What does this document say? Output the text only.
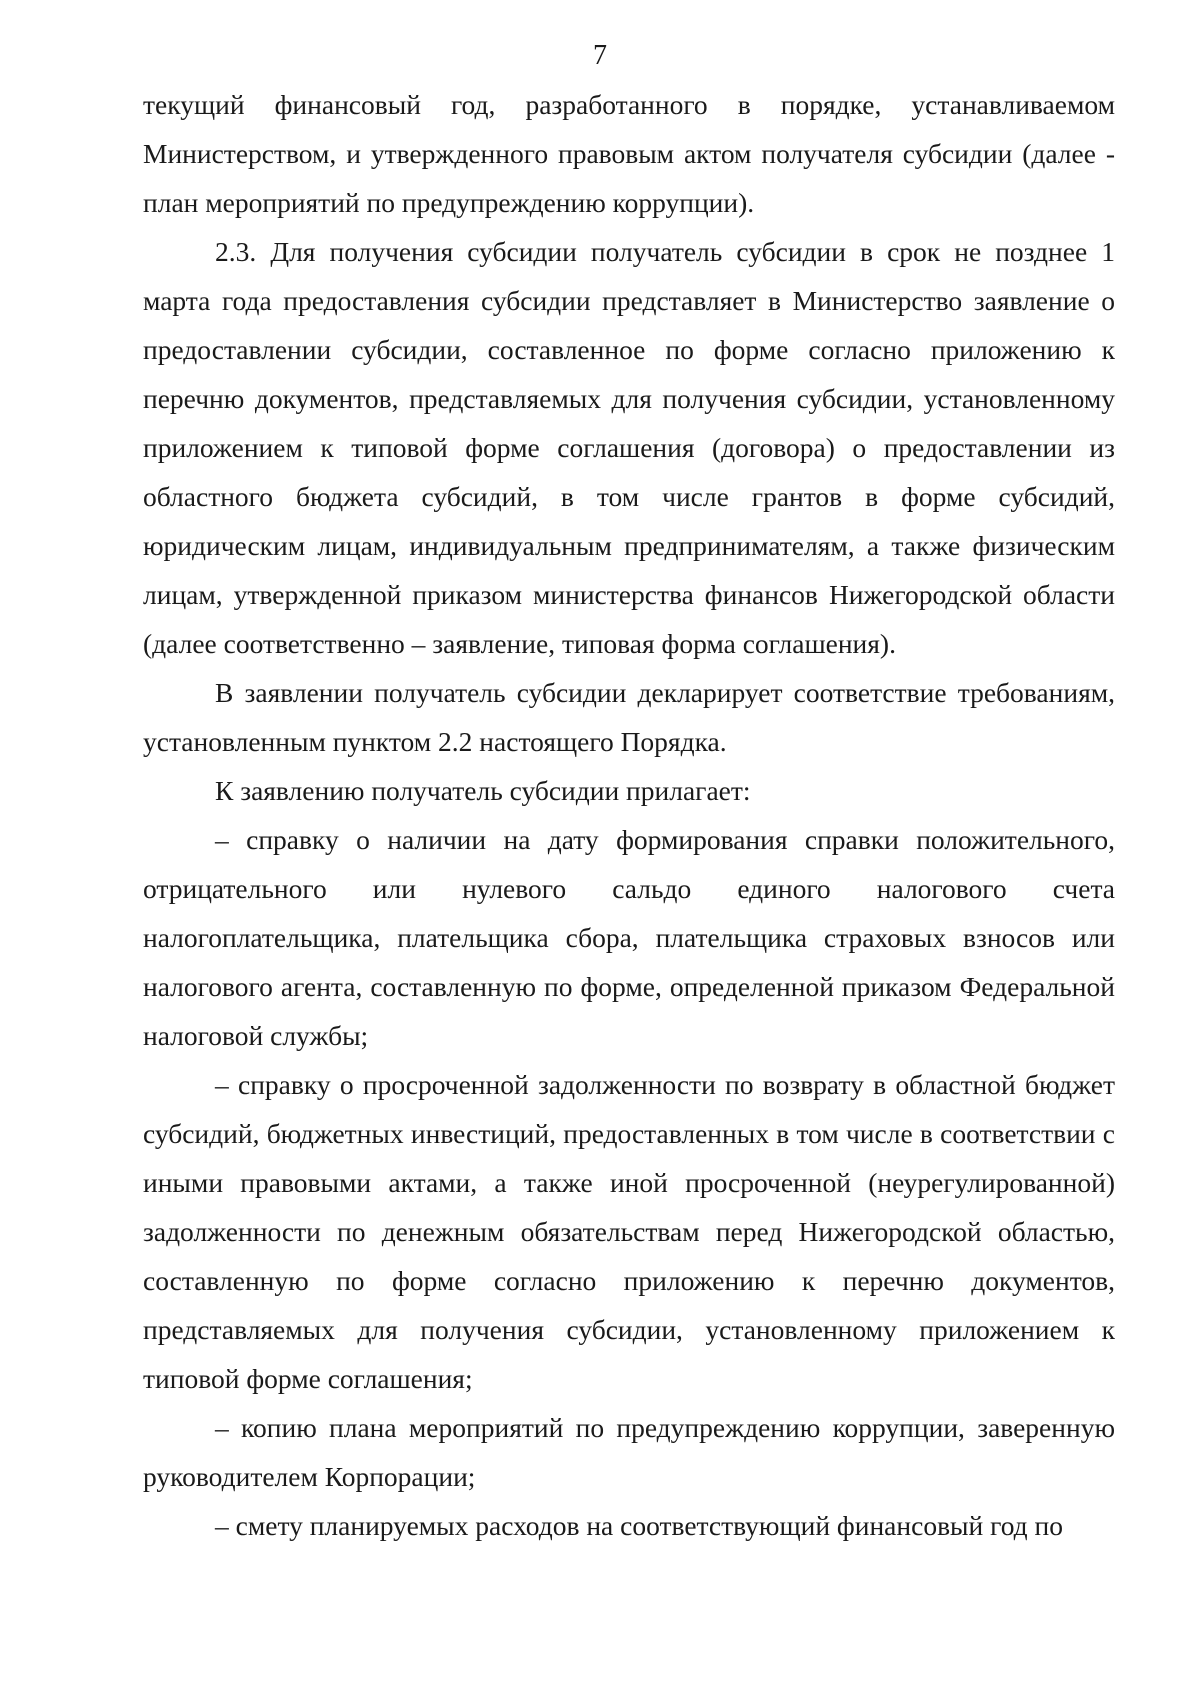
7

текущий финансовый год, разработанного в порядке, устанавливаемом Министерством, и утвержденного правовым актом получателя субсидии (далее - план мероприятий по предупреждению коррупции).

2.3. Для получения субсидии получатель субсидии в срок не позднее 1 марта года предоставления субсидии представляет в Министерство заявление о предоставлении субсидии, составленное по форме согласно приложению к перечню документов, представляемых для получения субсидии, установленному приложением к типовой форме соглашения (договора) о предоставлении из областного бюджета субсидий, в том числе грантов в форме субсидий, юридическим лицам, индивидуальным предпринимателям, а также физическим лицам, утвержденной приказом министерства финансов Нижегородской области (далее соответственно – заявление, типовая форма соглашения).

В заявлении получатель субсидии декларирует соответствие требованиям, установленным пунктом 2.2 настоящего Порядка.

К заявлению получатель субсидии прилагает:

– справку о наличии на дату формирования справки положительного, отрицательного или нулевого сальдо единого налогового счета налогоплательщика, плательщика сбора, плательщика страховых взносов или налогового агента, составленную по форме, определенной приказом Федеральной налоговой службы;

– справку о просроченной задолженности по возврату в областной бюджет субсидий, бюджетных инвестиций, предоставленных в том числе в соответствии с иными правовыми актами, а также иной просроченной (неурегулированной) задолженности по денежным обязательствам перед Нижегородской областью, составленную по форме согласно приложению к перечню документов, представляемых для получения субсидии, установленному приложением к типовой форме соглашения;

– копию плана мероприятий по предупреждению коррупции, заверенную руководителем Корпорации;

– смету планируемых расходов на соответствующий финансовый год по
